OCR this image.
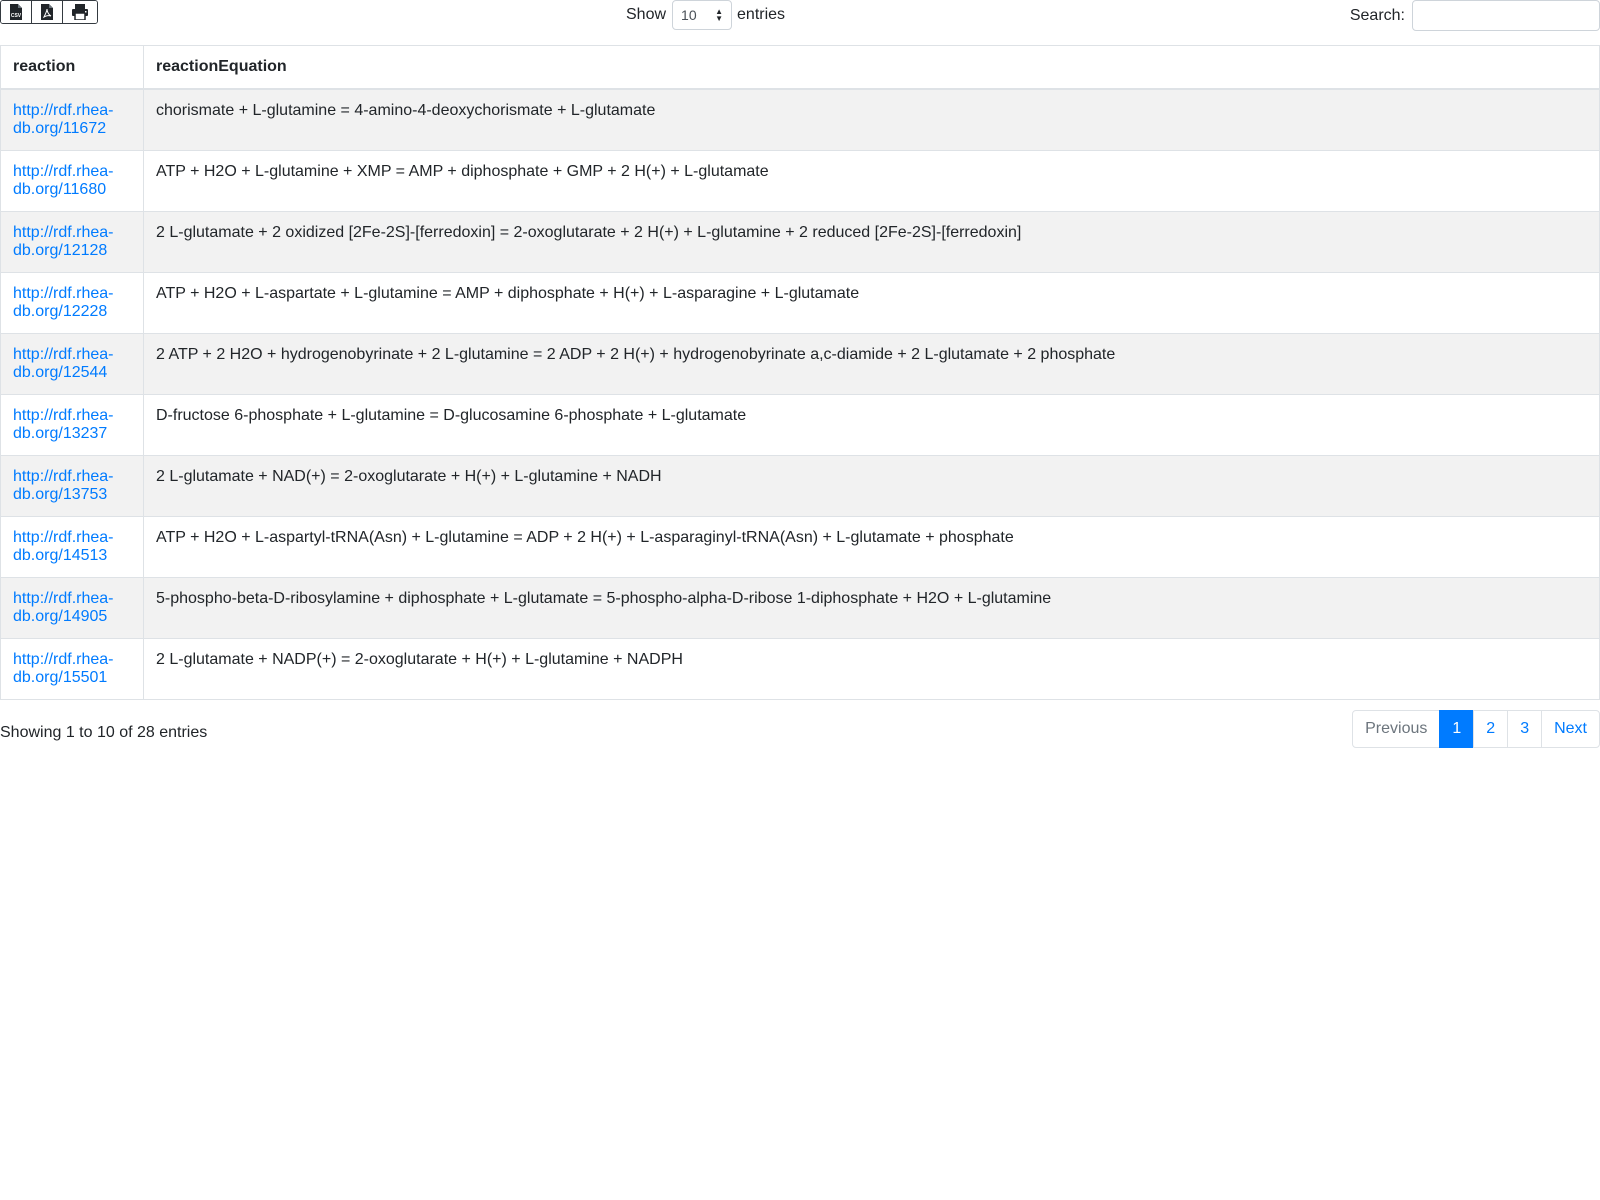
CSV	Show 10 ▲
▼ entries	Search:
reaction	reactionEquation
http://rdf.rhea-
db.org/11672	chorismate + L-glutamine = 4-amino-4-deoxychorismate + L-glutamate
http://rdf.rhea-
db.org/11680	ATP + H2O + L-glutamine + XMP = AMP + diphosphate + GMP + 2 H(+) + L-glutamate
http://rdf.rhea-
db.org/12128	2 L-glutamate + 2 oxidized [2Fe-2S]-[ferredoxin] = 2-oxoglutarate + 2 H(+) + L-glutamine + 2 reduced [2Fe-2S]-[ferredoxin]
http://rdf.rhea-
db.org/12228	ATP + H2O + L-aspartate + L-glutamine = AMP + diphosphate + H(+) + L-asparagine + L-glutamate
http://rdf.rhea-
db.org/12544	2 ATP + 2 H2O + hydrogenobyrinate + 2 L-glutamine = 2 ADP + 2 H(+) + hydrogenobyrinate a,c-diamide + 2 L-glutamate + 2 phosphate
http://rdf.rhea-
db.org/13237	D-fructose 6-phosphate + L-glutamine = D-glucosamine 6-phosphate + L-glutamate
http://rdf.rhea-
db.org/13753	2 L-glutamate + NAD(+) = 2-oxoglutarate + H(+) + L-glutamine + NADH
http://rdf.rhea-
db.org/14513	ATP + H2O + L-aspartyl-tRNA(Asn) + L-glutamine = ADP + 2 H(+) + L-asparaginyl-tRNA(Asn) + L-glutamate + phosphate
http://rdf.rhea-
db.org/14905	5-phospho-beta-D-ribosylamine + diphosphate + L-glutamate = 5-phospho-alpha-D-ribose 1-diphosphate + H2O + L-glutamine
http://rdf.rhea-
db.org/15501	2 L-glutamate + NADP(+) = 2-oxoglutarate + H(+) + L-glutamine + NADPH
Showing 1 to 10 of 28 entries	Previous	1	2	3	Next
